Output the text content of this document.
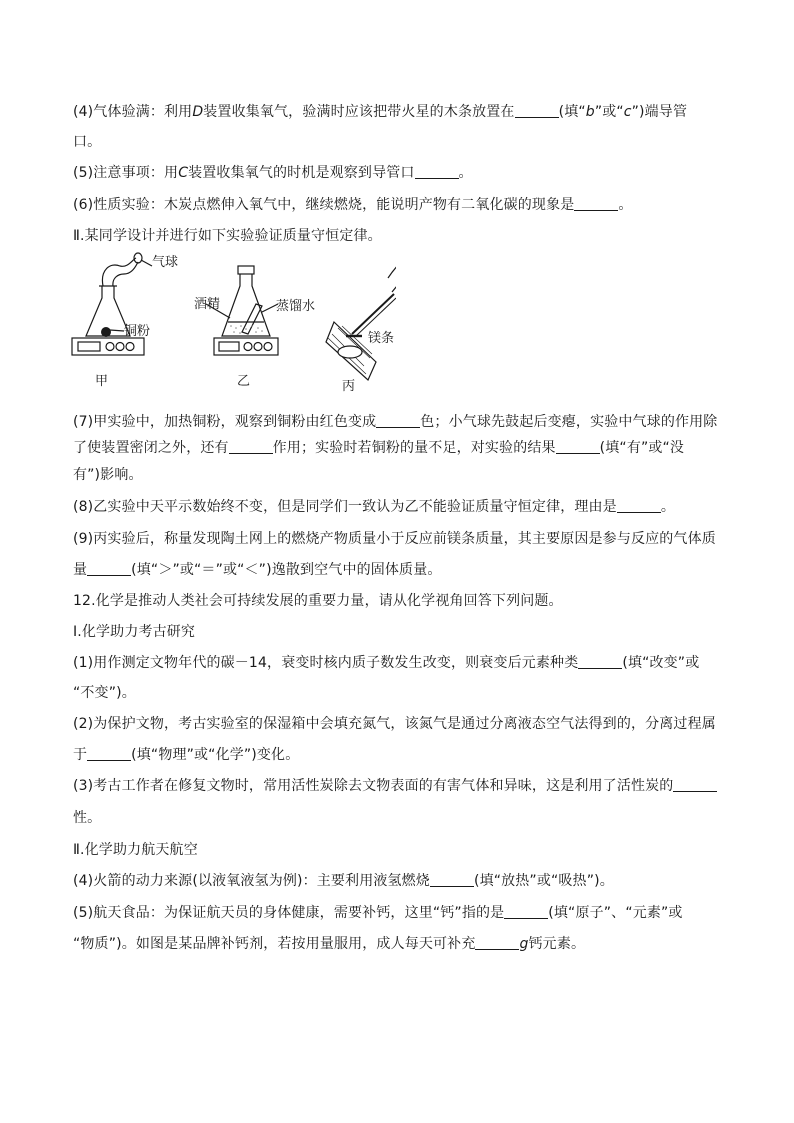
(4)气体验满：利用D装置收集氧气，验满时应该把带火星的木条放置在	(填“b”或“c”)端导管
口。
(5)注意事项：用C装置收集氧气的时机是观察到导管口	。
(6)性质实验：木炭点燃伸入氧气中，继续燃烧，能说明产物有二氧化碳的现象是	。
Ⅱ.某同学设计并进行如下实验验证质量守恒定律。
气球
铜粉
甲
酒精	蒸馏水
乙
镁条
丙
(7)甲实验中，加热铜粉，观察到铜粉由红色变成	色；小气球先鼓起后变瘪，实验中气球的作用除
了使装置密闭之外，还有	作用；实验时若铜粉的量不足，对实验的结果	(填“有”或“没
有”)影响。
(8)乙实验中天平示数始终不变，但是同学们一致认为乙不能验证质量守恒定律，理由是	。
(9)丙实验后，称量发现陶土网上的燃烧产物质量小于反应前镁条质量，其主要原因是参与反应的气体质
量	(填“＞”或“＝”或“＜”)逸散到空气中的固体质量。
12.化学是推动人类社会可持续发展的重要力量，请从化学视角回答下列问题。
Ⅰ.化学助力考古研究
(1)用作测定文物年代的碳－14，衰变时核内质子数发生改变，则衰变后元素种类	(填“改变”或
“不变”)。
(2)为保护文物，考古实验室的保湿箱中会填充氮气，该氮气是通过分离液态空气法得到的，分离过程属
于	(填“物理”或“化学”)变化。
(3)考古工作者在修复文物时，常用活性炭除去文物表面的有害气体和异味，这是利用了活性炭的
性。
Ⅱ.化学助力航天航空
(4)火箭的动力来源(以液氧液氢为例)：主要利用液氢燃烧	(填“放热”或“吸热”)。
(5)航天食品：为保证航天员的身体健康，需要补钙，这里“钙”指的是	(填“原子”、“元素”或
“物质”)。如图是某品牌补钙剂，若按用量服用，成人每天可补充	g钙元素。
